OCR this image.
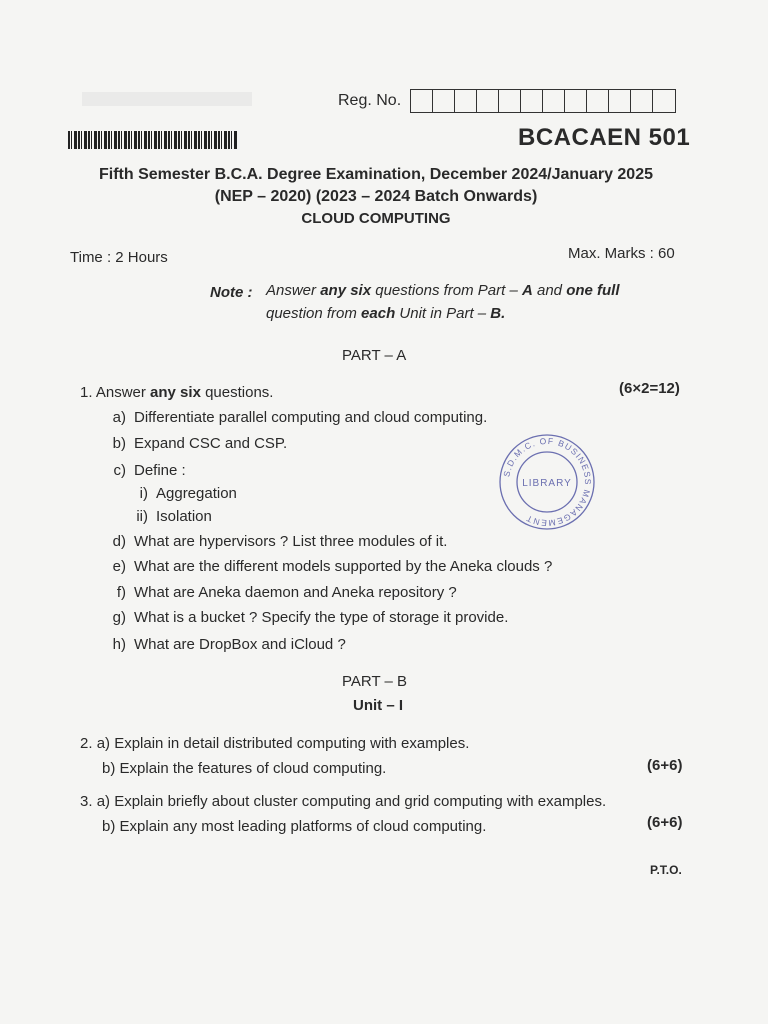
Reg. No.
BCACAEN 501
Fifth Semester B.C.A. Degree Examination, December 2024/January 2025
(NEP – 2020) (2023 – 2024 Batch Onwards)
CLOUD COMPUTING
Time : 2 Hours	Max. Marks : 60
Note : Answer any six questions from Part – A and one full
question from each Unit in Part – B.
PART – A
1. Answer any six questions.	(6×2=12)
a) Differentiate parallel computing and cloud computing.
b) Expand CSC and CSP.
c) Define :
i) Aggregation
ii) Isolation
d) What are hypervisors ? List three modules of it.
e) What are the different models supported by the Aneka clouds ?
f) What are Aneka daemon and Aneka repository ?
g) What is a bucket ? Specify the type of storage it provide.
h) What are DropBox and iCloud ?
S.D.M.C. OF BUSINESS MANAGEMENT
LIBRARY
PART – B
Unit – I
2. a) Explain in detail distributed computing with examples.
b) Explain the features of cloud computing.	(6+6)
3. a) Explain briefly about cluster computing and grid computing with examples.
b) Explain any most leading platforms of cloud computing.	(6+6)
P.T.O.
